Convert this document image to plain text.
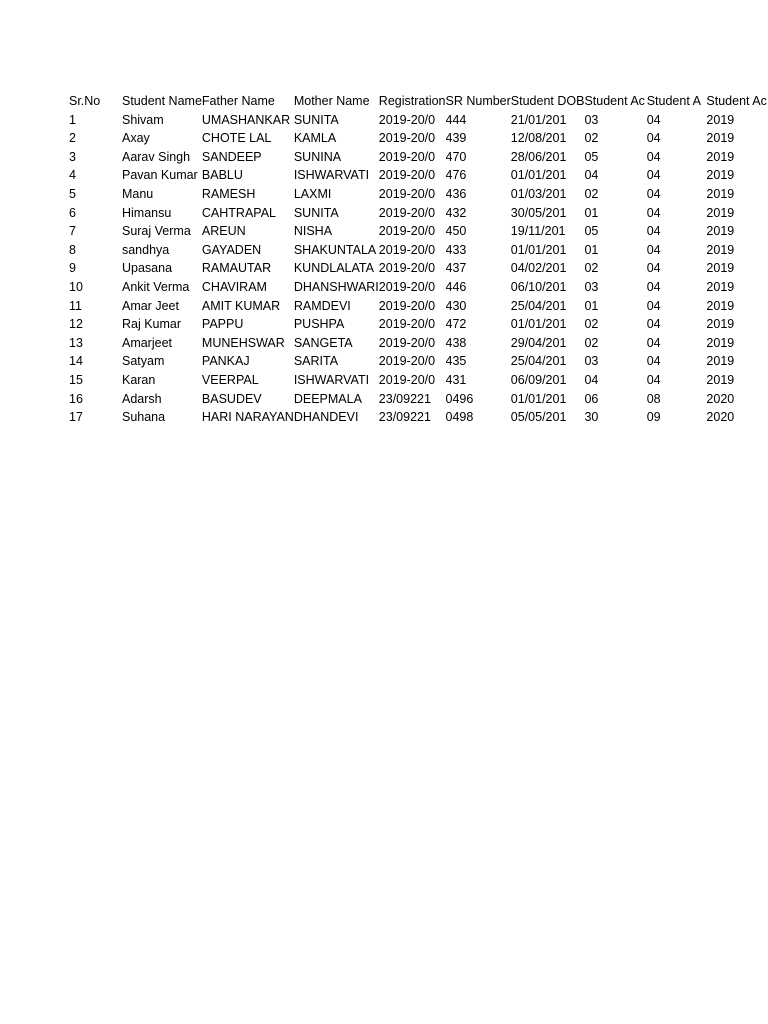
Sr.No	Student Name	Father Name	Mother Name	Registration	SR Number	Student DOB	Student Ac	Student A	Student Ac
1	Shivam	UMASHANKAR	SUNITA	2019-20/0	444	21/01/201	03	04	2019
2	Axay	CHOTE LAL	KAMLA	2019-20/0	439	12/08/201	02	04	2019
3	Aarav Singh	SANDEEP	SUNINA	2019-20/0	470	28/06/201	05	04	2019
4	Pavan Kumar	BABLU	ISHWARVATI	2019-20/0	476	01/01/201	04	04	2019
5	Manu	RAMESH	LAXMI	2019-20/0	436	01/03/201	02	04	2019
6	Himansu	CAHTRAPAL	SUNITA	2019-20/0	432	30/05/201	01	04	2019
7	Suraj Verma	AREUN	NISHA	2019-20/0	450	19/11/201	05	04	2019
8	sandhya	GAYADEN	SHAKUNTALA	2019-20/0	433	01/01/201	01	04	2019
9	Upasana	RAMAUTAR	KUNDLALATA	2019-20/0	437	04/02/201	02	04	2019
10	Ankit Verma	CHAVIRAM	DHANSHWARI	2019-20/0	446	06/10/201	03	04	2019
11	Amar Jeet	AMIT KUMAR	RAMDEVI	2019-20/0	430	25/04/201	01	04	2019
12	Raj Kumar	PAPPU	PUSHPA	2019-20/0	472	01/01/201	02	04	2019
13	Amarjeet	MUNEHSWAR	SANGETA	2019-20/0	438	29/04/201	02	04	2019
14	Satyam	PANKAJ	SARITA	2019-20/0	435	25/04/201	03	04	2019
15	Karan	VEERPAL	ISHWARVATI	2019-20/0	431	06/09/201	04	04	2019
16	Adarsh	BASUDEV	DEEPMALA	23/09221	0496	01/01/201	06	08	2020
17	Suhana	HARI NARAYAN	DHANDEVI	23/09221	0498	05/05/201	30	09	2020
